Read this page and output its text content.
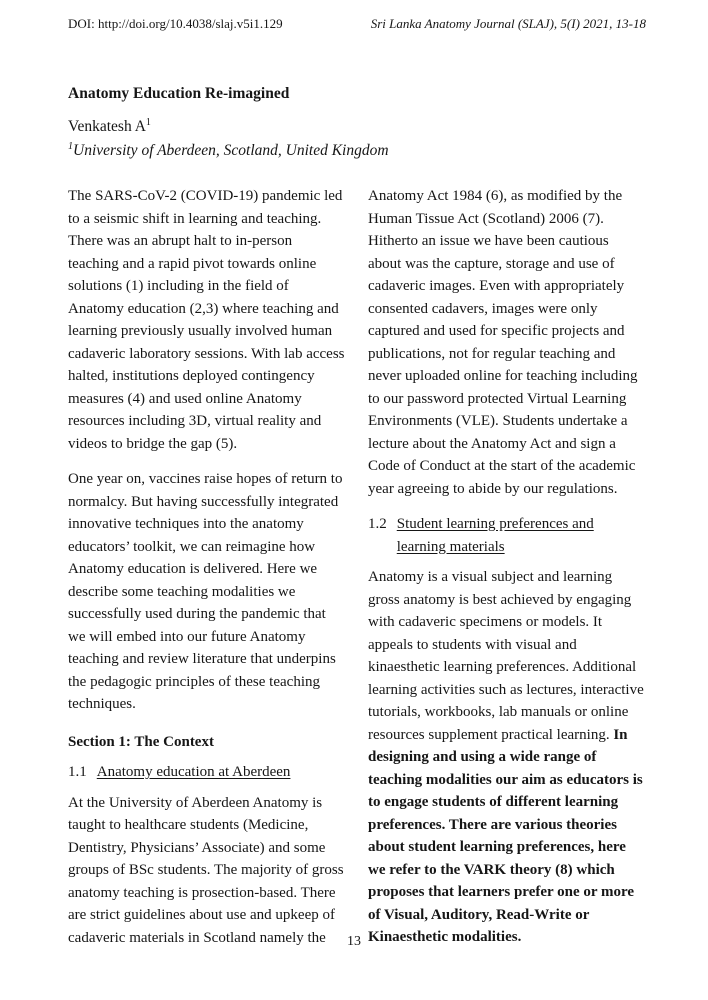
DOI: http://doi.org/10.4038/slaj.v5i1.129	Sri Lanka Anatomy Journal (SLAJ), 5(I) 2021, 13-18
Anatomy Education Re-imagined
Venkatesh $A^1$
$^1$University of Aberdeen, Scotland, United Kingdom

The SARS-CoV-2 (COVID-19) pandemic led to a seismic shift in learning and teaching. There was an abrupt halt to in-person teaching and a rapid pivot towards online solutions (1) including in the field of Anatomy education (2,3) where teaching and learning previously usually involved human cadaveric laboratory sessions. With lab access halted, institutions deployed contingency measures (4) and used online Anatomy resources including 3D, virtual reality and videos to bridge the gap (5).

One year on, vaccines raise hopes of return to normalcy. But having successfully integrated innovative techniques into the anatomy educators’ toolkit, we can reimagine how Anatomy education is delivered. Here we describe some teaching modalities we successfully used during the pandemic that we will embed into our future Anatomy teaching and review literature that underpins the pedagogic principles of these teaching techniques.

Section 1: The Context
1.1 Anatomy education at Aberdeen

At the University of Aberdeen Anatomy is taught to healthcare students (Medicine, Dentistry, Physicians’ Associate) and some groups of BSc students. The majority of gross anatomy teaching is prosection-based. There are strict guidelines about use and upkeep of cadaveric materials in Scotland namely the

Anatomy Act 1984 (6), as modified by the Human Tissue Act (Scotland) 2006 (7). Hitherto an issue we have been cautious about was the capture, storage and use of cadaveric images. Even with appropriately consented cadavers, images were only captured and used for specific projects and publications, not for regular teaching and never uploaded online for teaching including to our password protected Virtual Learning Environments (VLE). Students undertake a lecture about the Anatomy Act and sign a Code of Conduct at the start of the academic year agreeing to abide by our regulations.

1.2 Student learning preferences and learning materials

Anatomy is a visual subject and learning gross anatomy is best achieved by engaging with cadaveric specimens or models. It appeals to students with visual and kinaesthetic learning preferences. Additional learning activities such as lectures, interactive tutorials, workbooks, lab manuals or online resources supplement practical learning. In designing and using a wide range of teaching modalities our aim as educators is to engage students of different learning preferences. There are various theories about student learning preferences, here we refer to the VARK theory (8) which proposes that learners prefer one or more of Visual, Auditory, Read-Write or Kinaesthetic modalities.

13
